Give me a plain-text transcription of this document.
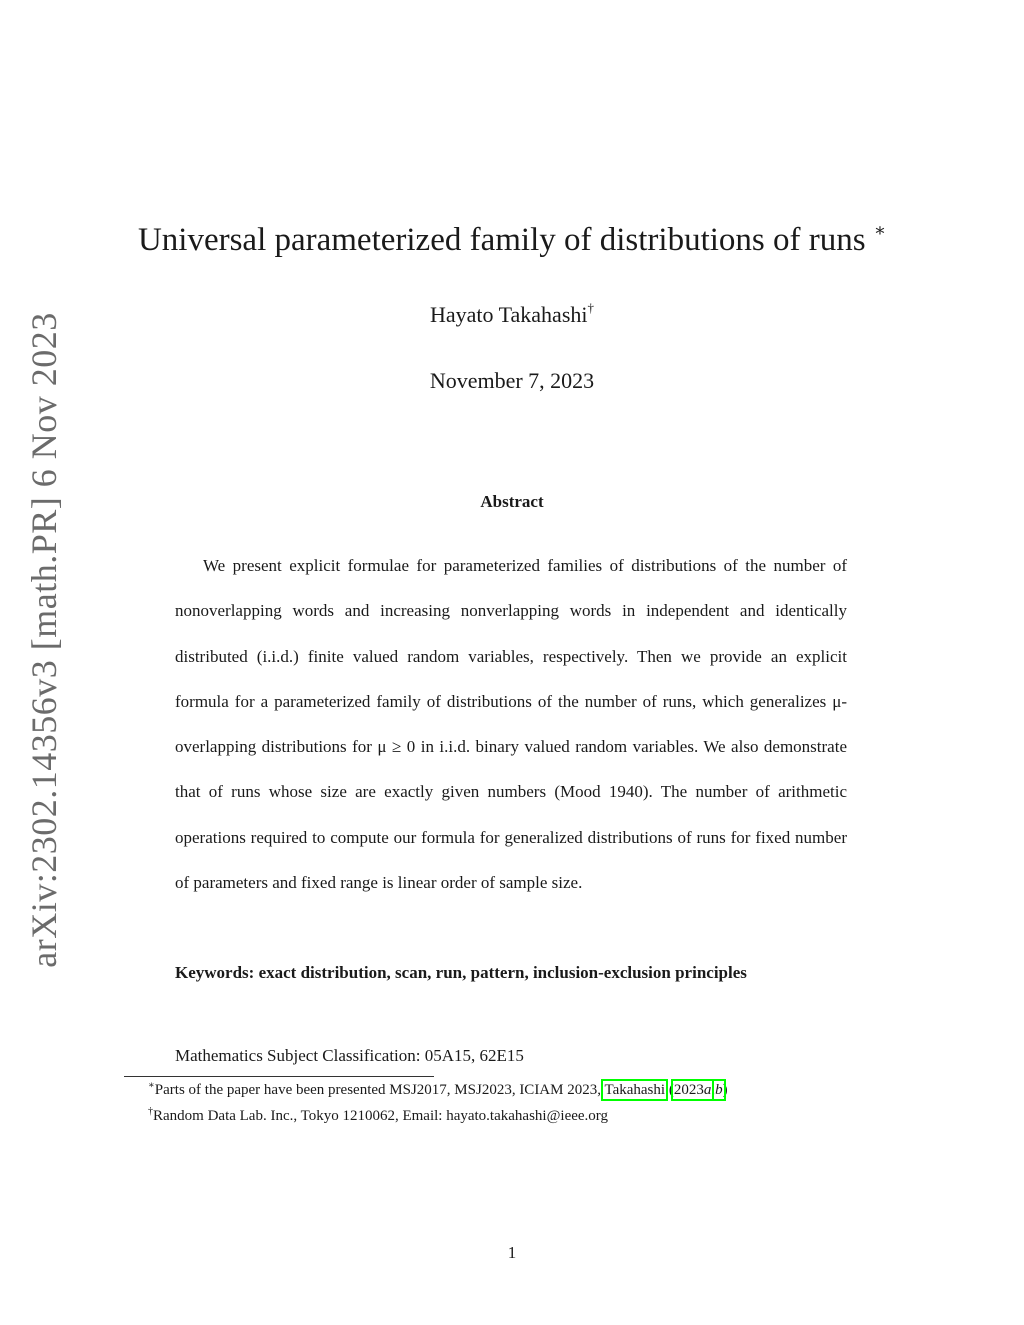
arXiv:2302.14356v3 [math.PR] 6 Nov 2023
Universal parameterized family of distributions of runs ∗
Hayato Takahashi†
November 7, 2023
Abstract

We present explicit formulae for parameterized families of distributions of the number of nonoverlapping words and increasing nonverlapping words in independent and identically distributed (i.i.d.) finite valued random variables, respectively. Then we provide an explicit formula for a parameterized family of distributions of the number of runs, which generalizes μ-overlapping distributions for μ ≥ 0 in i.i.d. binary valued random variables. We also demonstrate that of runs whose size are exactly given numbers (Mood 1940). The number of arithmetic operations required to compute our formula for generalized distributions of runs for fixed number of parameters and fixed range is linear order of sample size.

Keywords: exact distribution, scan, run, pattern, inclusion-exclusion principles

Mathematics Subject Classification: 05A15, 62E15
∗Parts of the paper have been presented MSJ2017, MSJ2023, ICIAM 2023, Takahashi (2023a,b)
†Random Data Lab. Inc., Tokyo 1210062, Email: hayato.takahashi@ieee.org
1
